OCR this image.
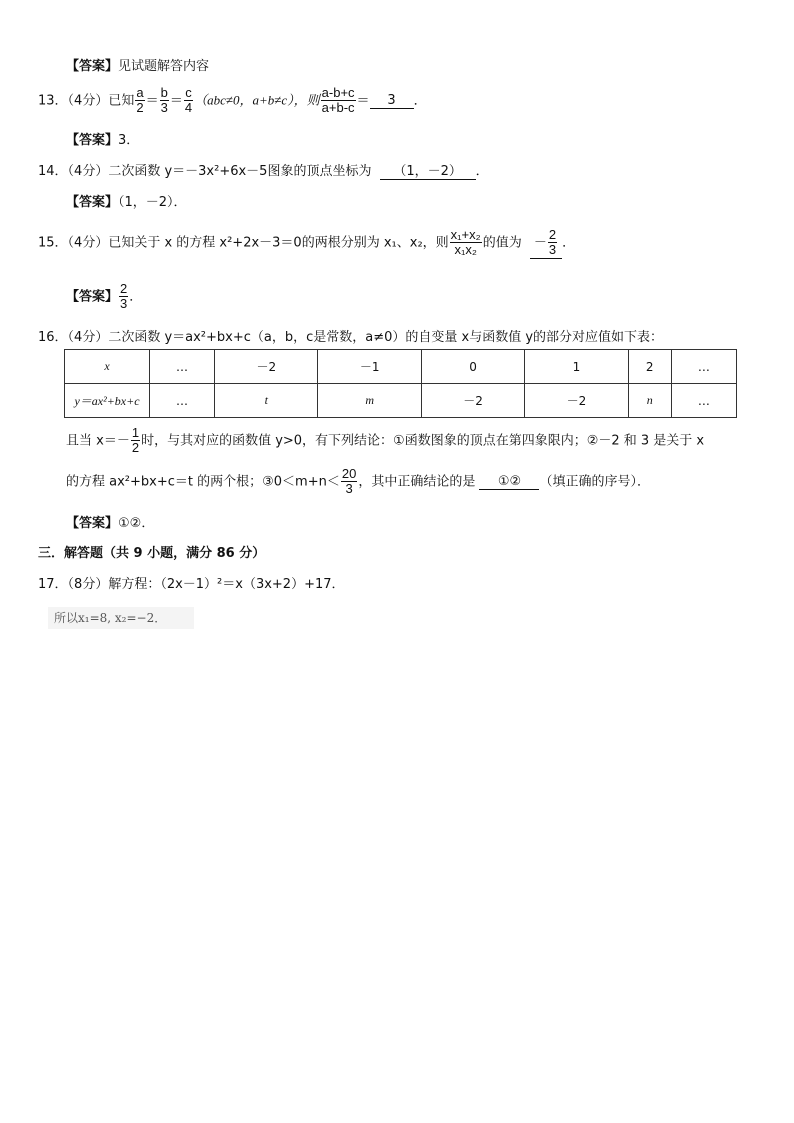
【答案】见试题解答内容
13．（4分）已知 $\frac{a}{2} = \frac{b}{3} = \frac{c}{4} (abc\ne 0$，a+b≠c），则 $\frac{a-b+c}{a+b-c} = 3$ ．
【答案】3．
14．（4分）二次函数 y＝－3x²+6x－5图象的顶点坐标为 （1，－2） ．
【答案】（1，－2）．
15．（4分）已知关于 x 的方程 x²+2x－3＝0的两根分别为 x₁、x₂，则 $\frac{\text{x₁+x₂}}{\text{x₁x₂}}$ 的值为 － $\frac{2}{3}$ ．
【答案】 $\frac{2}{3}$ ．
16．（4分）二次函数 y＝ax²+bx+c（a，b，c是常数，a≠0）的自变量 x与函数值 y的部分对应值如下表：
x	…	－2	－1	0	1	2	…
y＝ax²+bx+c	…	t	m	－2	－2	n	…
且当 $x=- \frac{1}{2}$ 时，与其对应的函数值 y>0，有下列结论：①函数图象的顶点在第四象限内；②－2 和 3 是关于 x
的方程 ax²+bx+c＝t 的两个根；③0＜m+n＜ $\frac{20}{3}$ ，其中正确结论的是 ①② （填正确的序号）．
【答案】①②．
三．解答题（共 9 小题，满分 86 分）
17．（8分）解方程：（2x－1）²＝x（3x+2）+17．
所以x₁=8, x₂=−2．
